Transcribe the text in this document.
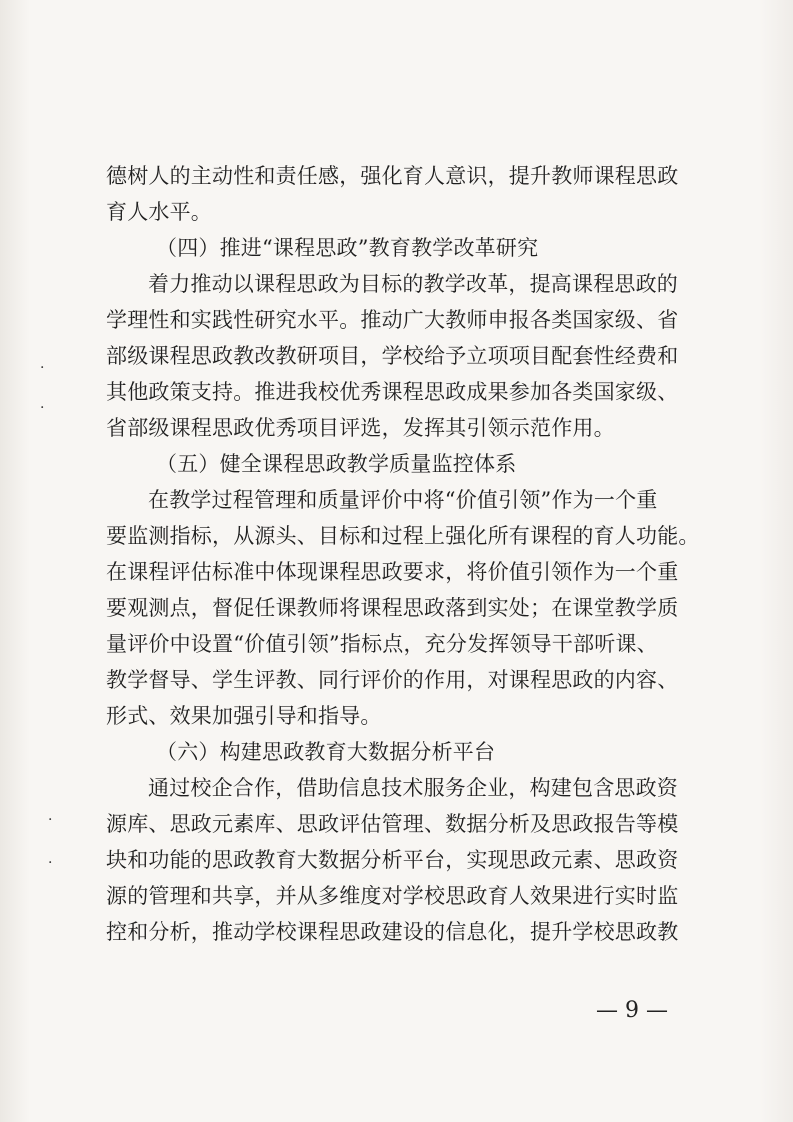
·
·
·
·
德树人的主动性和责任感，强化育人意识，提升教师课程思政
育人水平。
（四）推进“课程思政”教育教学改革研究
着力推动以课程思政为目标的教学改革，提高课程思政的
学理性和实践性研究水平。推动广大教师申报各类国家级、省
部级课程思政教改教研项目，学校给予立项项目配套性经费和
其他政策支持。推进我校优秀课程思政成果参加各类国家级、
省部级课程思政优秀项目评选，发挥其引领示范作用。
（五）健全课程思政教学质量监控体系
在教学过程管理和质量评价中将“价值引领”作为一个重
要监测指标，从源头、目标和过程上强化所有课程的育人功能。
在课程评估标准中体现课程思政要求，将价值引领作为一个重
要观测点，督促任课教师将课程思政落到实处；在课堂教学质
量评价中设置“价值引领”指标点，充分发挥领导干部听课、
教学督导、学生评教、同行评价的作用，对课程思政的内容、
形式、效果加强引导和指导。
（六）构建思政教育大数据分析平台
通过校企合作，借助信息技术服务企业，构建包含思政资
源库、思政元素库、思政评估管理、数据分析及思政报告等模
块和功能的思政教育大数据分析平台，实现思政元素、思政资
源的管理和共享，并从多维度对学校思政育人效果进行实时监
控和分析，推动学校课程思政建设的信息化，提升学校思政教
— 9 —
